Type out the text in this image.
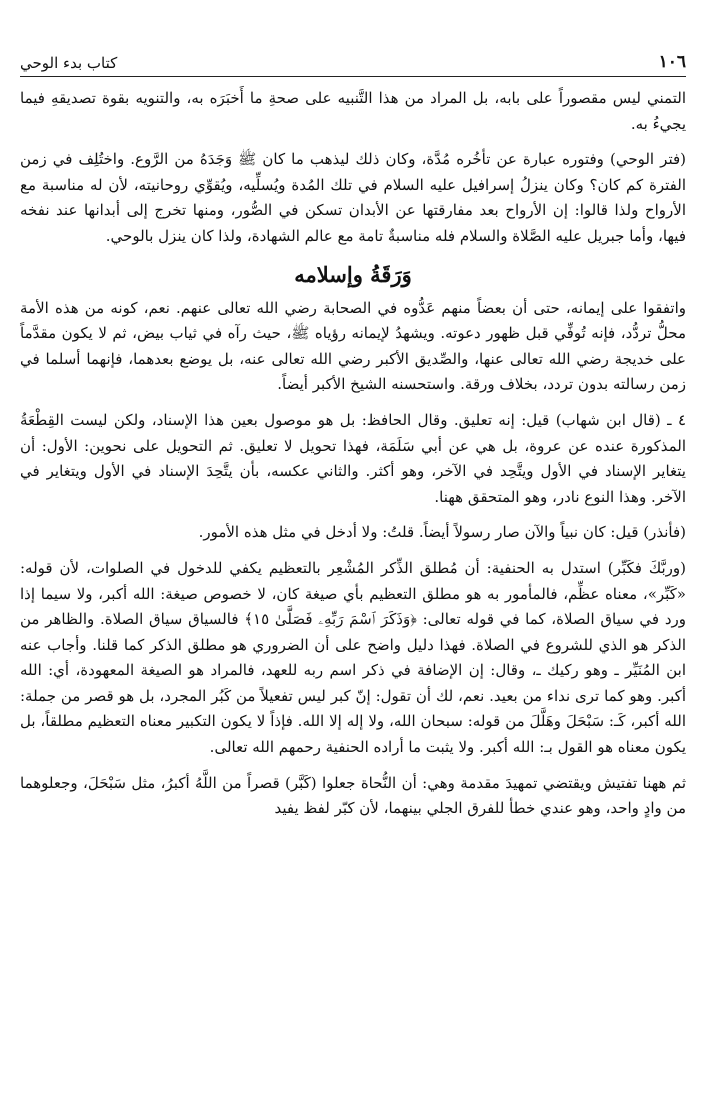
١٠٦
كتاب بدء الوحي

التمني ليس مقصوراً على بابه، بل المراد من هذا التَّنبيه على صحةِ ما أَخبَرَه به، والتنويه بقوة تصديقهِ فيما يجيءُ به.

(فتر الوحي) وفتوره عبارة عن تأخُره مُدَّة، وكان ذلك ليذهب ما كان ﷺ وَجَدَهُ من الرَّوع. واختُلِف في زمن الفترة كم كان؟ وكان ينزلُ إسرافيل عليه السلام في تلك المُدة ويُسلِّيه، ويُقوِّي روحانيته، لأن له مناسبة مع الأرواح ولذا قالوا: إن الأرواح بعد مفارقتها عن الأبدان تسكن في الصُّور، ومنها تخرج إلى أبدانها عند نفخه فيها، وأما جبريل عليه الصَّلاة والسلام فله مناسبةٌ تامة مع عالم الشهادة، ولذا كان ينزل بالوحي.

وَرَقَةُ وإسلامه

واتفقوا على إيمانه، حتى أن بعضاً منهم عَدُّوه في الصحابة رضي الله تعالى عنهم. نعم، كونه من هذه الأمة محلُّ تردُّد، فإنه تُوفِّي قبل ظهور دعوته. ويشهدُ لإيمانه رؤياه ﷺ، حيث رآه في ثياب بيض، ثم لا يكون مقدَّماً على خديجة رضي الله تعالى عنها، والصِّديق الأكبر رضي الله تعالى عنه، بل يوضع بعدهما، فإنهما أسلما في زمن رسالته بدون تردد، بخلاف ورقة. واستحسنه الشيخ الأكبر أيضاً.

٤ ـ (قال ابن شهاب) قيل: إنه تعليق. وقال الحافظ: بل هو موصول بعين هذا الإسناد، ولكن ليست القِطْعَةُ المذكورة عنده عن عروة، بل هي عن أبي سَلَمَة، فهذا تحويل لا تعليق. ثم التحويل على نحوين: الأول: أن يتغاير الإسناد في الأول ويتَّحِد في الآخر، وهو أكثر. والثاني عكسه، بأن يتَّحِدَ الإسناد في الأول ويتغاير في الآخر. وهذا النوع نادر، وهو المتحقق ههنا.

(فأنذر) قيل: كان نبياً والآن صار رسولاً أيضاً. قلتُ: ولا أدخل في مثل هذه الأمور.

(وربَّكَ فكَبِّر) استدل به الحنفية: أن مُطلق الذِّكر المُشْعِر بالتعظيم يكفي للدخول في الصلوات، لأن قوله: «كَبِّر»، معناه عظِّم، فالمأمور به هو مطلق التعظيم بأي صيغة كان، لا خصوص صيغة: الله أكبر، ولا سيما إذا ورد في سياق الصلاة، كما في قوله تعالى: ﴿وَذَكَرَ ٱسْمَ رَبِّهِۦ فَصَلَّىٰ ١٥﴾ فالسياق سياق الصلاة. والظاهر من الذكر هو الذي للشروع في الصلاة. فهذا دليل واضح على أن الضروري هو مطلق الذكر كما قلنا. وأجاب عنه ابن المُنَيِّر ـ وهو ركيك ـ، وقال: إن الإضافة في ذكر اسم ربه للعهد، فالمراد هو الصيغة المعهودة، أي: الله أكبر. وهو كما ترى نداء من بعيد. نعم، لك أن تقول: إنّ كبر ليس تفعيلاً من كَبُر المجرد، بل هو قصر من جملة: الله أكبر، كَـ: سَبْحَلَ وهَلَّلَ من قوله: سبحان الله، ولا إله إلا الله. فإذاً لا يكون التكبير معناه التعظيم مطلقاً، بل يكون معناه هو القول بـ: الله أكبر. ولا يثبت ما أراده الحنفية رحمهم الله تعالى.

ثم ههنا تفتيش ويقتضي تمهيدَ مقدمة وهي: أن النُّحاة جعلوا (كَبَّر) قصراً من اللَّهُ أكبرُ، مثل سَبْحَلَ، وجعلوهما من وادٍ واحد، وهو عندي خطأ للفرق الجلي بينهما، لأن كبّر لفظ يفيد
